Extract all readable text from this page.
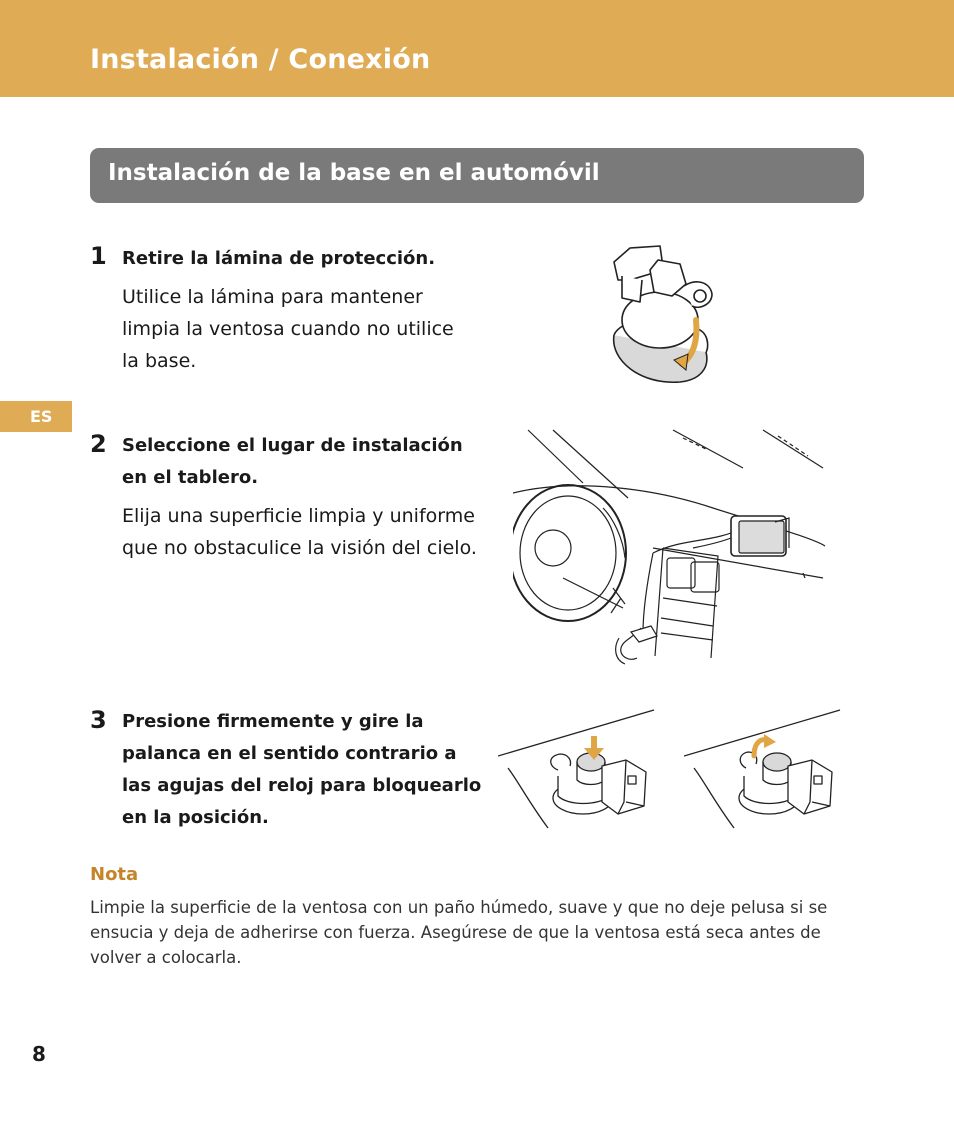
Instalación / Conexión
Instalación de la base en el automóvil
ES
1 Retire la lámina de protección.
Utilice la lámina para mantener
limpia la ventosa cuando no utilice
la base.
2 Seleccione el lugar de instalación
en el tablero.
Elija una superficie limpia y uniforme
que no obstaculice la visión del cielo.
3 Presione firmemente y gire la
palanca en el sentido contrario a
las agujas del reloj para bloquearlo
en la posición.
Nota
Limpie la superficie de la ventosa con un paño húmedo, suave y que no deje pelusa si se
ensucia y deja de adherirse con fuerza. Asegúrese de que la ventosa está seca antes de
volver a colocarla.
8
